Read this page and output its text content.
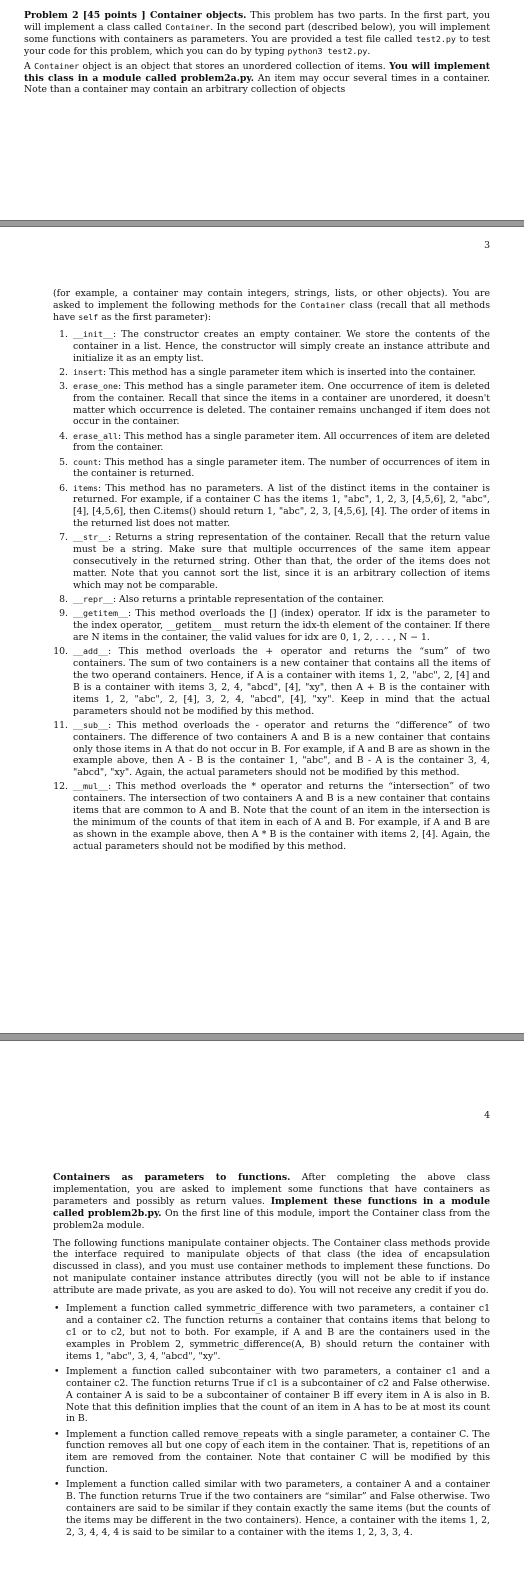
Problem 2 [45 points ] Container objects. This problem has two parts. In the first part, you will implement a class called Container. In the second part (described below), you will implement some functions with containers as parameters. You are provided a test file called test2.py to test your code for this problem, which you can do by typing python3 test2.py.

A Container object is an object that stores an unordered collection of items. You will implement this class in a module called problem2a.py. An item may occur several times in a container. Note than a container may contain an arbitrary collection of objects

3

(for example, a container may contain integers, strings, lists, or other objects). You are asked to implement the following methods for the Container class (recall that all methods have self as the first parameter):

1. __init__: The constructor creates an empty container. We store the contents of the container in a list. Hence, the constructor will simply create an instance attribute and initialize it as an empty list.
2. insert: This method has a single parameter item which is inserted into the container.
3. erase_one: This method has a single parameter item. One occurrence of item is deleted from the container. Recall that since the items in a container are unordered, it doesn't matter which occurrence is deleted. The container remains unchanged if item does not occur in the container.
4. erase_all: This method has a single parameter item. All occurrences of item are deleted from the container.
5. count: This method has a single parameter item. The number of occurrences of item in the container is returned.
6. items: This method has no parameters. A list of the distinct items in the container is returned. For example, if a container C has the items 1, "abc", 1, 2, 3, [4,5,6], 2, "abc", [4], [4,5,6], then C.items() should return 1, "abc", 2, 3, [4,5,6], [4]. The order of items in the returned list does not matter.
7. __str__: Returns a string representation of the container. Recall that the return value must be a string. Make sure that multiple occurrences of the same item appear consecutively in the returned string. Other than that, the order of the items does not matter. Note that you cannot sort the list, since it is an arbitrary collection of items which may not be comparable.
8. __repr__: Also returns a printable representation of the container.
9. __getitem__: This method overloads the [] (index) operator. If idx is the parameter to the index operator, __getitem__ must return the idx-th element of the container. If there are N items in the container, the valid values for idx are 0, 1, 2, . . . , N − 1.
10. __add__: This method overloads the + operator and returns the “sum” of two containers. The sum of two containers is a new container that contains all the items of the two operand containers. Hence, if A is a container with items 1, 2, "abc", 2, [4] and B is a container with items 3, 2, 4, "abcd", [4], "xy", then A + B is the container with items 1, 2, "abc", 2, [4], 3, 2, 4, "abcd", [4], "xy". Keep in mind that the actual parameters should not be modified by this method.
11. __sub__: This method overloads the - operator and returns the “difference” of two containers. The difference of two containers A and B is a new container that contains only those items in A that do not occur in B. For example, if A and B are as shown in the example above, then A - B is the container 1, "abc", and B - A is the container 3, 4, "abcd", "xy". Again, the actual parameters should not be modified by this method.
12. __mul__: This method overloads the * operator and returns the “intersection” of two containers. The intersection of two containers A and B is a new container that contains items that are common to A and B. Note that the count of an item in the intersection is the minimum of the counts of that item in each of A and B. For example, if A and B are as shown in the example above, then A * B is the container with items 2, [4]. Again, the actual parameters should not be modified by this method.
4

Containers as parameters to functions. After completing the above class implementation, you are asked to implement some functions that have containers as parameters and possibly as return values. Implement these functions in a module called problem2b.py. On the first line of this module, import the Container class from the problem2a module.

The following functions manipulate container objects. The Container class methods provide the interface required to manipulate objects of that class (the idea of encapsulation discussed in class), and you must use container methods to implement these functions. Do not manipulate container instance attributes directly (you will not be able to if instance attribute are made private, as you are asked to do). You will not receive any credit if you do.

• Implement a function called symmetric_difference with two parameters, a container c1 and a container c2. The function returns a container that contains items that belong to c1 or to c2, but not to both. For example, if A and B are the containers used in the examples in Problem 2, symmetric_difference(A, B) should return the container with items 1, "abc", 3, 4, "abcd", "xy".
• Implement a function called subcontainer with two parameters, a container c1 and a container c2. The function returns True if c1 is a subcontainer of c2 and False otherwise. A container A is said to be a subcontainer of container B iff every item in A is also in B. Note that this definition implies that the count of an item in A has to be at most its count in B.
• Implement a function called remove_repeats with a single parameter, a container C. The function removes all but one copy of each item in the container. That is, repetitions of an item are removed from the container. Note that container C will be modified by this function.
• Implement a function called similar with two parameters, a container A and a container B. The function returns True if the two containers are “similar” and False otherwise. Two containers are said to be similar if they contain exactly the same items (but the counts of the items may be different in the two containers). Hence, a container with the items 1, 2, 2, 3, 4, 4, 4 is said to be similar to a container with the items 1, 2, 3, 3, 4.
